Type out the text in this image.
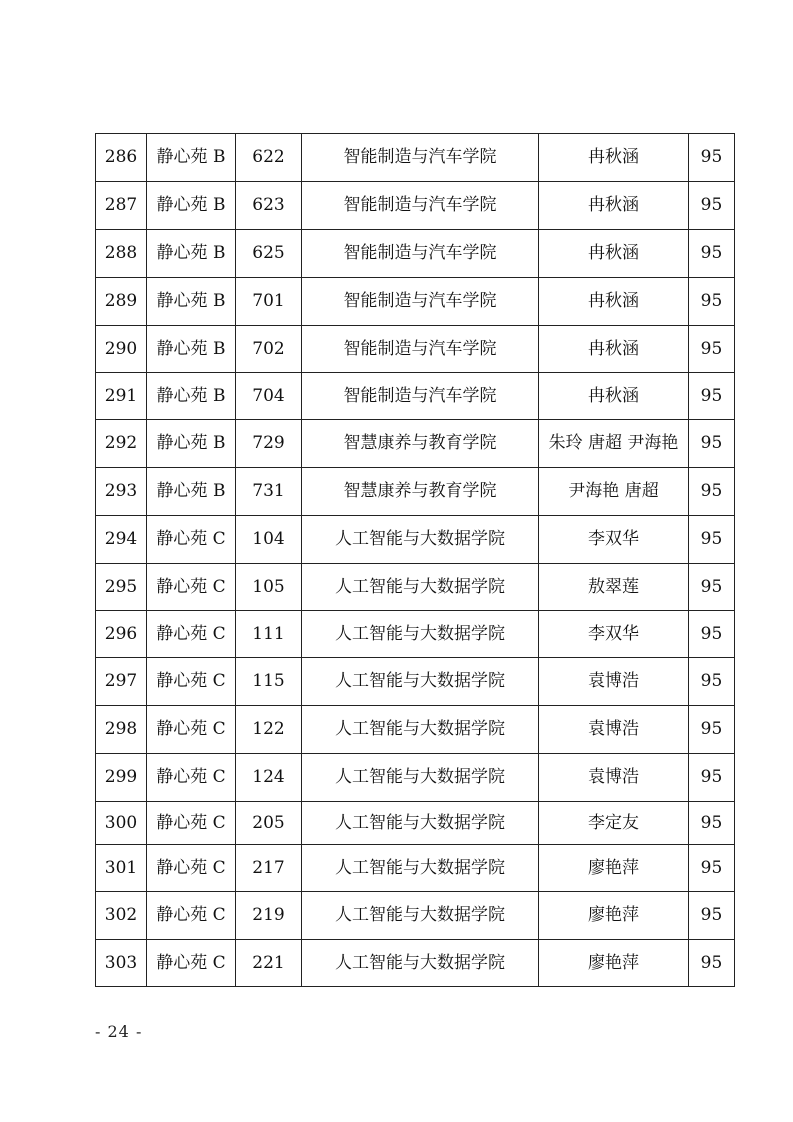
286	静心苑 B	622	智能制造与汽车学院	冉秋涵	95
287	静心苑 B	623	智能制造与汽车学院	冉秋涵	95
288	静心苑 B	625	智能制造与汽车学院	冉秋涵	95
289	静心苑 B	701	智能制造与汽车学院	冉秋涵	95
290	静心苑 B	702	智能制造与汽车学院	冉秋涵	95
291	静心苑 B	704	智能制造与汽车学院	冉秋涵	95
292	静心苑 B	729	智慧康养与教育学院	朱玲 唐超 尹海艳	95
293	静心苑 B	731	智慧康养与教育学院	尹海艳 唐超	95
294	静心苑 C	104	人工智能与大数据学院	李双华	95
295	静心苑 C	105	人工智能与大数据学院	敖翠莲	95
296	静心苑 C	111	人工智能与大数据学院	李双华	95
297	静心苑 C	115	人工智能与大数据学院	袁博浩	95
298	静心苑 C	122	人工智能与大数据学院	袁博浩	95
299	静心苑 C	124	人工智能与大数据学院	袁博浩	95
300	静心苑 C	205	人工智能与大数据学院	李定友	95
301	静心苑 C	217	人工智能与大数据学院	廖艳萍	95
302	静心苑 C	219	人工智能与大数据学院	廖艳萍	95
303	静心苑 C	221	人工智能与大数据学院	廖艳萍	95
- 24 -
